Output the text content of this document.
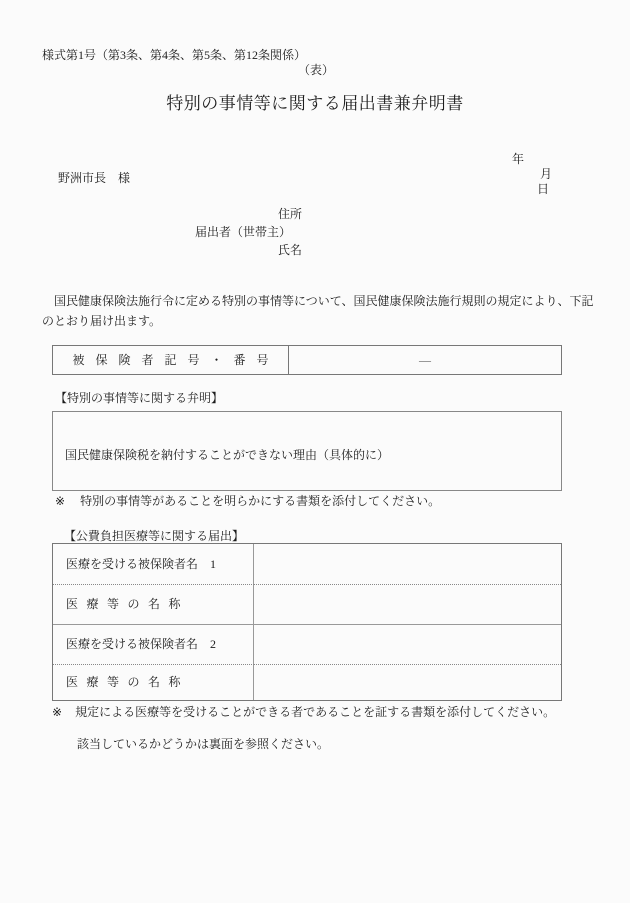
様式第1号（第3条、第4条、第5条、第12条関係）
（表）
特別の事情等に関する届出書兼弁明書

年
月
日

野洲市長　様
住所
届出者（世帯主）
氏名
　国民健康保険法施行令に定める特別の事情等について、国民健康保険法施行規則の規定により、下記
のとおり届け出ます。
被保険者記号・番号	―
【特別の事情等に関する弁明】

国民健康保険税を納付することができない理由（具体的に）

※ 特別の事情等があることを明らかにする書類を添付してください。
【公費負担医療等に関する届出】
医療を受ける被保険者名　1
医療等の名称
医療を受ける被保険者名　2
医療等の名称
※ 規定による医療等を受けることができる者であることを証する書類を添付してください。
該当しているかどうかは裏面を参照ください。
